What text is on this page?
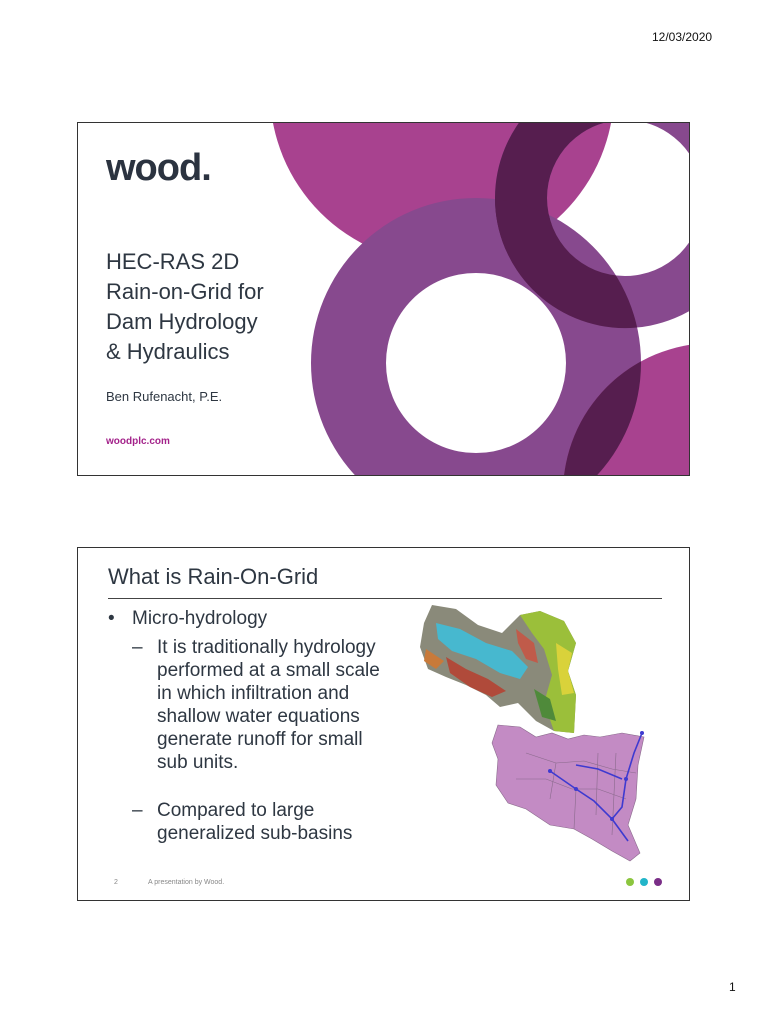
12/03/2020
wood.
HEC-RAS 2D
Rain-on-Grid for
Dam Hydrology
& Hydraulics
Ben Rufenacht, P.E.
woodplc.com
What is Rain-On-Grid
• Micro-hydrology
– It is traditionally hydrology performed at a small scale in which infiltration and shallow water equations generate runoff for small sub units.
– Compared to large generalized sub-basins
2	A presentation by Wood.
1
